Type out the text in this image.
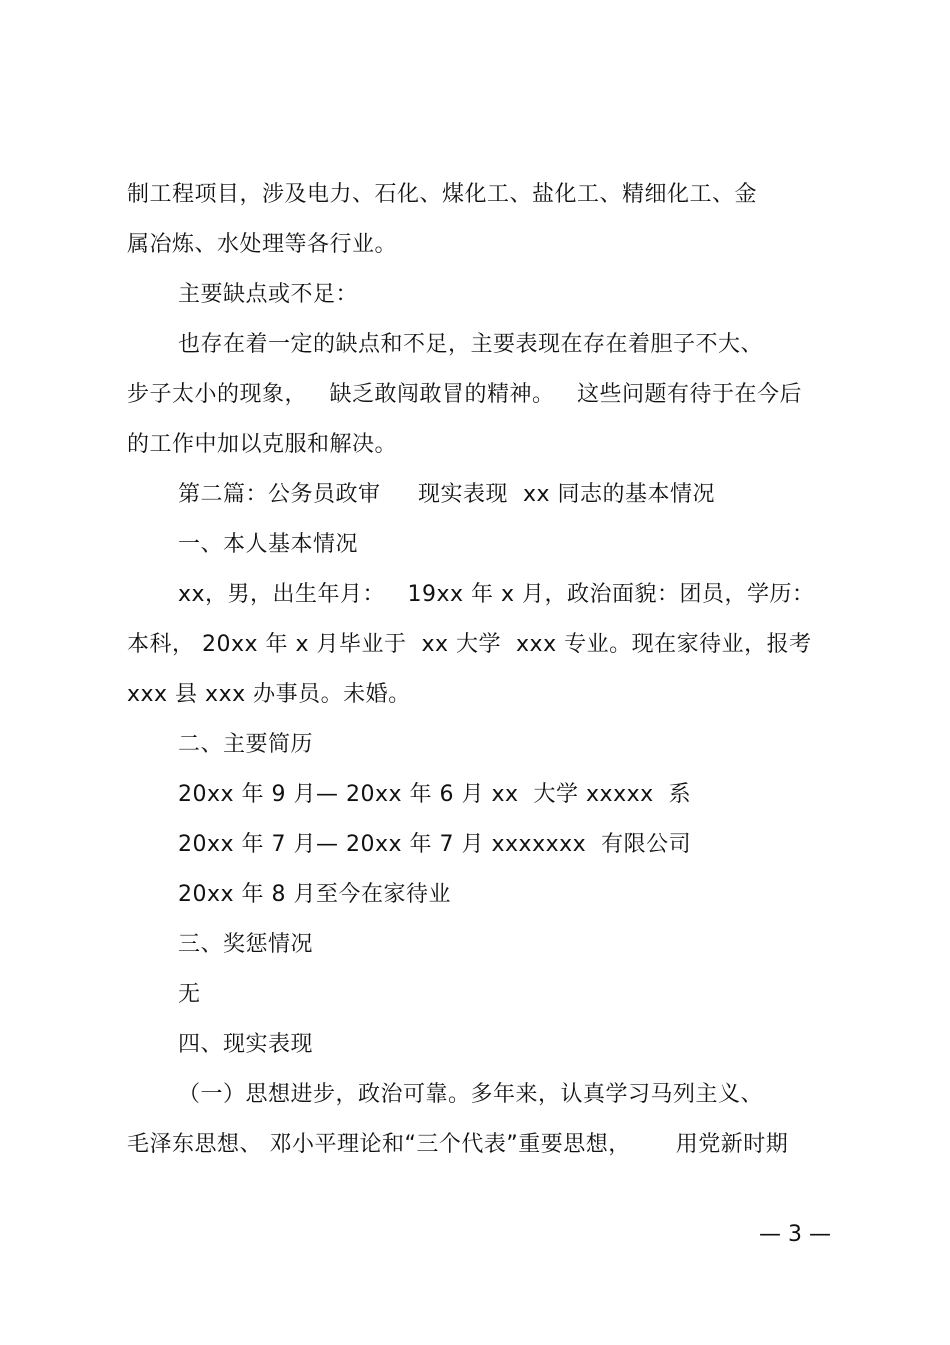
制工程项目，涉及电力、石化、煤化工、盐化工、精细化工、金
属冶炼、水处理等各行业。
主要缺点或不足：
也存在着一定的缺点和不足，主要表现在存在着胆子不大、
步子太小的现象，   缺乏敢闯敢冒的精神。   这些问题有待于在今后
的工作中加以克服和解决。
第二篇：公务员政审     现实表现  xx 同志的基本情况
一、本人基本情况
xx，男，出生年月：   19xx 年 x 月，政治面貌：团员，学历：
本科， 20xx 年 x 月毕业于  xx 大学  xxx 专业。现在家待业，报考
xxx 县 xxx 办事员。未婚。
二、主要简历
20xx 年 9 月— 20xx 年 6 月 xx  大学 xxxxx  系
20xx 年 7 月— 20xx 年 7 月 xxxxxxx  有限公司
20xx 年 8 月至今在家待业
三、奖惩情况
无
四、现实表现
（一）思想进步，政治可靠。多年来，认真学习马列主义、
毛泽东思想、 邓小平理论和“三个代表”重要思想，      用党新时期
— 3 —
